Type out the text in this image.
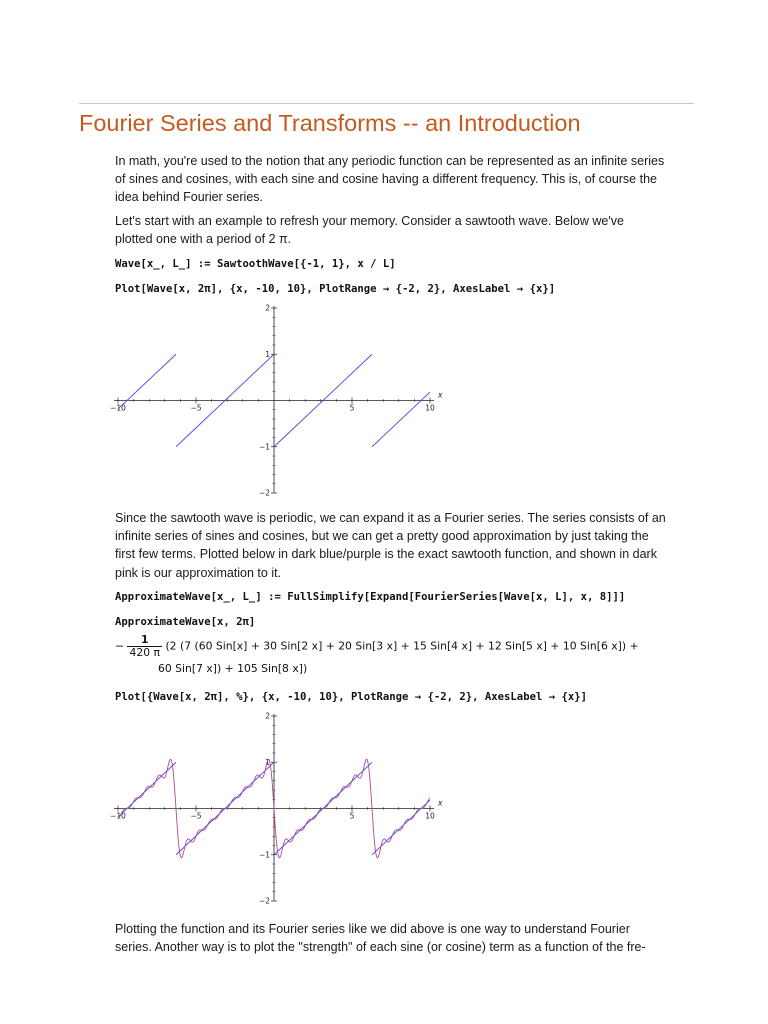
Fourier Series and Transforms -- an Introduction

In math, you're used to the notion that any periodic function can be represented as an infinite series
of sines and cosines, with each sine and cosine having a different frequency. This is, of course the
idea behind Fourier series.

Let's start with an example to refresh your memory. Consider a sawtooth wave. Below we've
plotted one with a period of 2 π.

Wave[x_, L_] := SawtoothWave[{-1, 1}, x / L]
Plot[Wave[x, 2π], {x, -10, 10}, PlotRange → {-2, 2}, AxesLabel → {x}]
−10	−5	5	10
2
1
−1
−2
x

Since the sawtooth wave is periodic, we can expand it as a Fourier series. The series consists of an
infinite series of sines and cosines, but we can get a pretty good approximation by just taking the
first few terms. Plotted below in dark blue/purple is the exact sawtooth function, and shown in dark
pink is our approximation to it.

ApproximateWave[x_, L_] := FullSimplify[Expand[FourierSeries[Wave[x, L], x, 8]]]
ApproximateWave[x, 2π]
− $\frac{1}{420 \pi} (2$ (7 (60 Sin[x] + 30 Sin[2 x] + 20 Sin[3 x] + 15 Sin[4 x] + 12 Sin[5 x] + 10 Sin[6 x]) +
60 Sin[7 x]) + 105 Sin[8 x])
Plot[{Wave[x, 2π], %}, {x, -10, 10}, PlotRange → {-2, 2}, AxesLabel → {x}]
−10	−5	5	10
2
1
−1
−2
x

Plotting the function and its Fourier series like we did above is one way to understand Fourier
series. Another way is to plot the "strength" of each sine (or cosine) term as a function of the fre-
